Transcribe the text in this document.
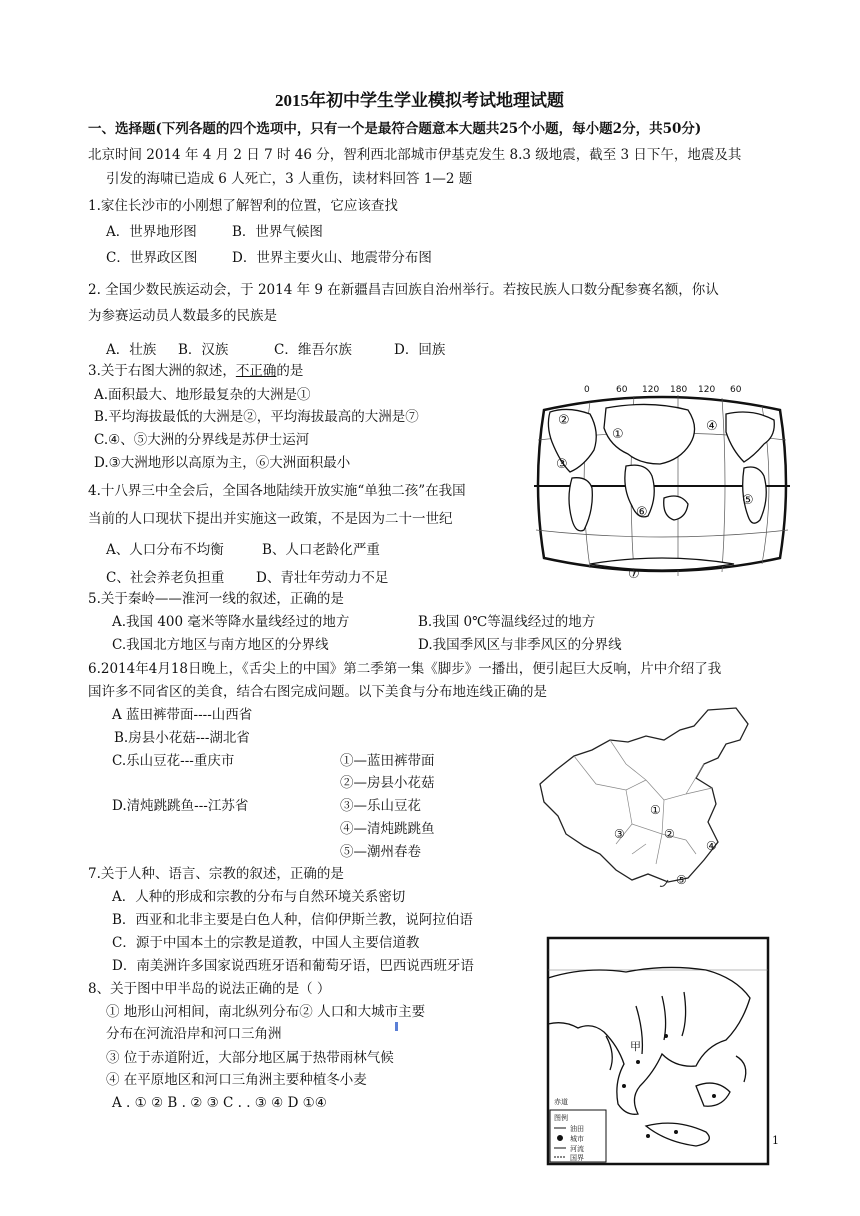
2015年初中学生学业模拟考试地理试题
一、选择题(下列各题的四个选项中，只有一个是最符合题意本大题共25个小题，每小题2分，共50分)
北京时间 2014 年 4 月 2 日 7 时 46 分，智利西北部城市伊基克发生 8.3 级地震，截至 3 日下午，地震及其
引发的海啸已造成 6 人死亡，3 人重伤，读材料回答 1—2 题
1.家住长沙市的小刚想了解智利的位置，它应该查找
A．世界地形图	B．世界气候图
C．世界政区图	D．世界主要火山、地震带分布图
2. 全国少数民族运动会，于 2014 年 9 在新疆昌吉回族自治州举行。若按民族人口数分配参赛名额，你认
为参赛运动员人数最多的民族是
A．壮族 B．汉族	C．维吾尔族	D．回族
3.关于右图大洲的叙述，不正确的是
A.面积最大、地形最复杂的大洲是①
B.平均海拔最低的大洲是②，平均海拔最高的大洲是⑦
C.④、⑤大洲的分界线是苏伊士运河
D.③大洲地形以高原为主，⑥大洲面积最小
0	60 120 180 120 60
①
②
③
④
⑤
⑥
⑦
4.十八界三中全会后，全国各地陆续开放实施“单独二孩”在我国
当前的人口现状下提出并实施这一政策，不是因为二十一世纪
A、人口分布不均衡	B、人口老龄化严重
C、社会养老负担重 D、青壮年劳动力不足
5.关于秦岭——淮河一线的叙述，正确的是
A.我国 400 毫米等降水量线经过的地方	B.我国 0℃等温线经过的地方
C.我国北方地区与南方地区的分界线	D.我国季风区与非季风区的分界线
6.2014年4月18日晚上，《舌尖上的中国》第二季第一集《脚步》一播出，便引起巨大反响，片中介绍了我
国许多不同省区的美食，结合右图完成问题。以下美食与分布地连线正确的是
A 蓝田裤带面----山西省
B.房县小花菇---湖北省
C.乐山豆花---重庆市
D.清炖跳跳鱼---江苏省
①—蓝田裤带面
②—房县小花菇
③—乐山豆花
④—清炖跳跳鱼
⑤—潮州春卷
①
②
③
④
⑤
7.关于人种、语言、宗教的叙述，正确的是
A．人种的形成和宗教的分布与自然环境关系密切
B．西亚和北非主要是白色人种，信仰伊斯兰教，说阿拉伯语
C．源于中国本土的宗教是道教，中国人主要信道教
D．南美洲许多国家说西班牙语和葡萄牙语，巴西说西班牙语
8、关于图中甲半岛的说法正确的是（ ）
① 地形山河相间，南北纵列分布② 人口和大城市主要
分布在河流沿岸和河口三角洲
③ 位于赤道附近，大部分地区属于热带雨林气候
④ 在平原地区和河口三角洲主要种植冬小麦
A . ① ② B . ② ③ C . . ③ ④ D ①④
甲
赤道
图例
油田
城市
河流
国界
1
